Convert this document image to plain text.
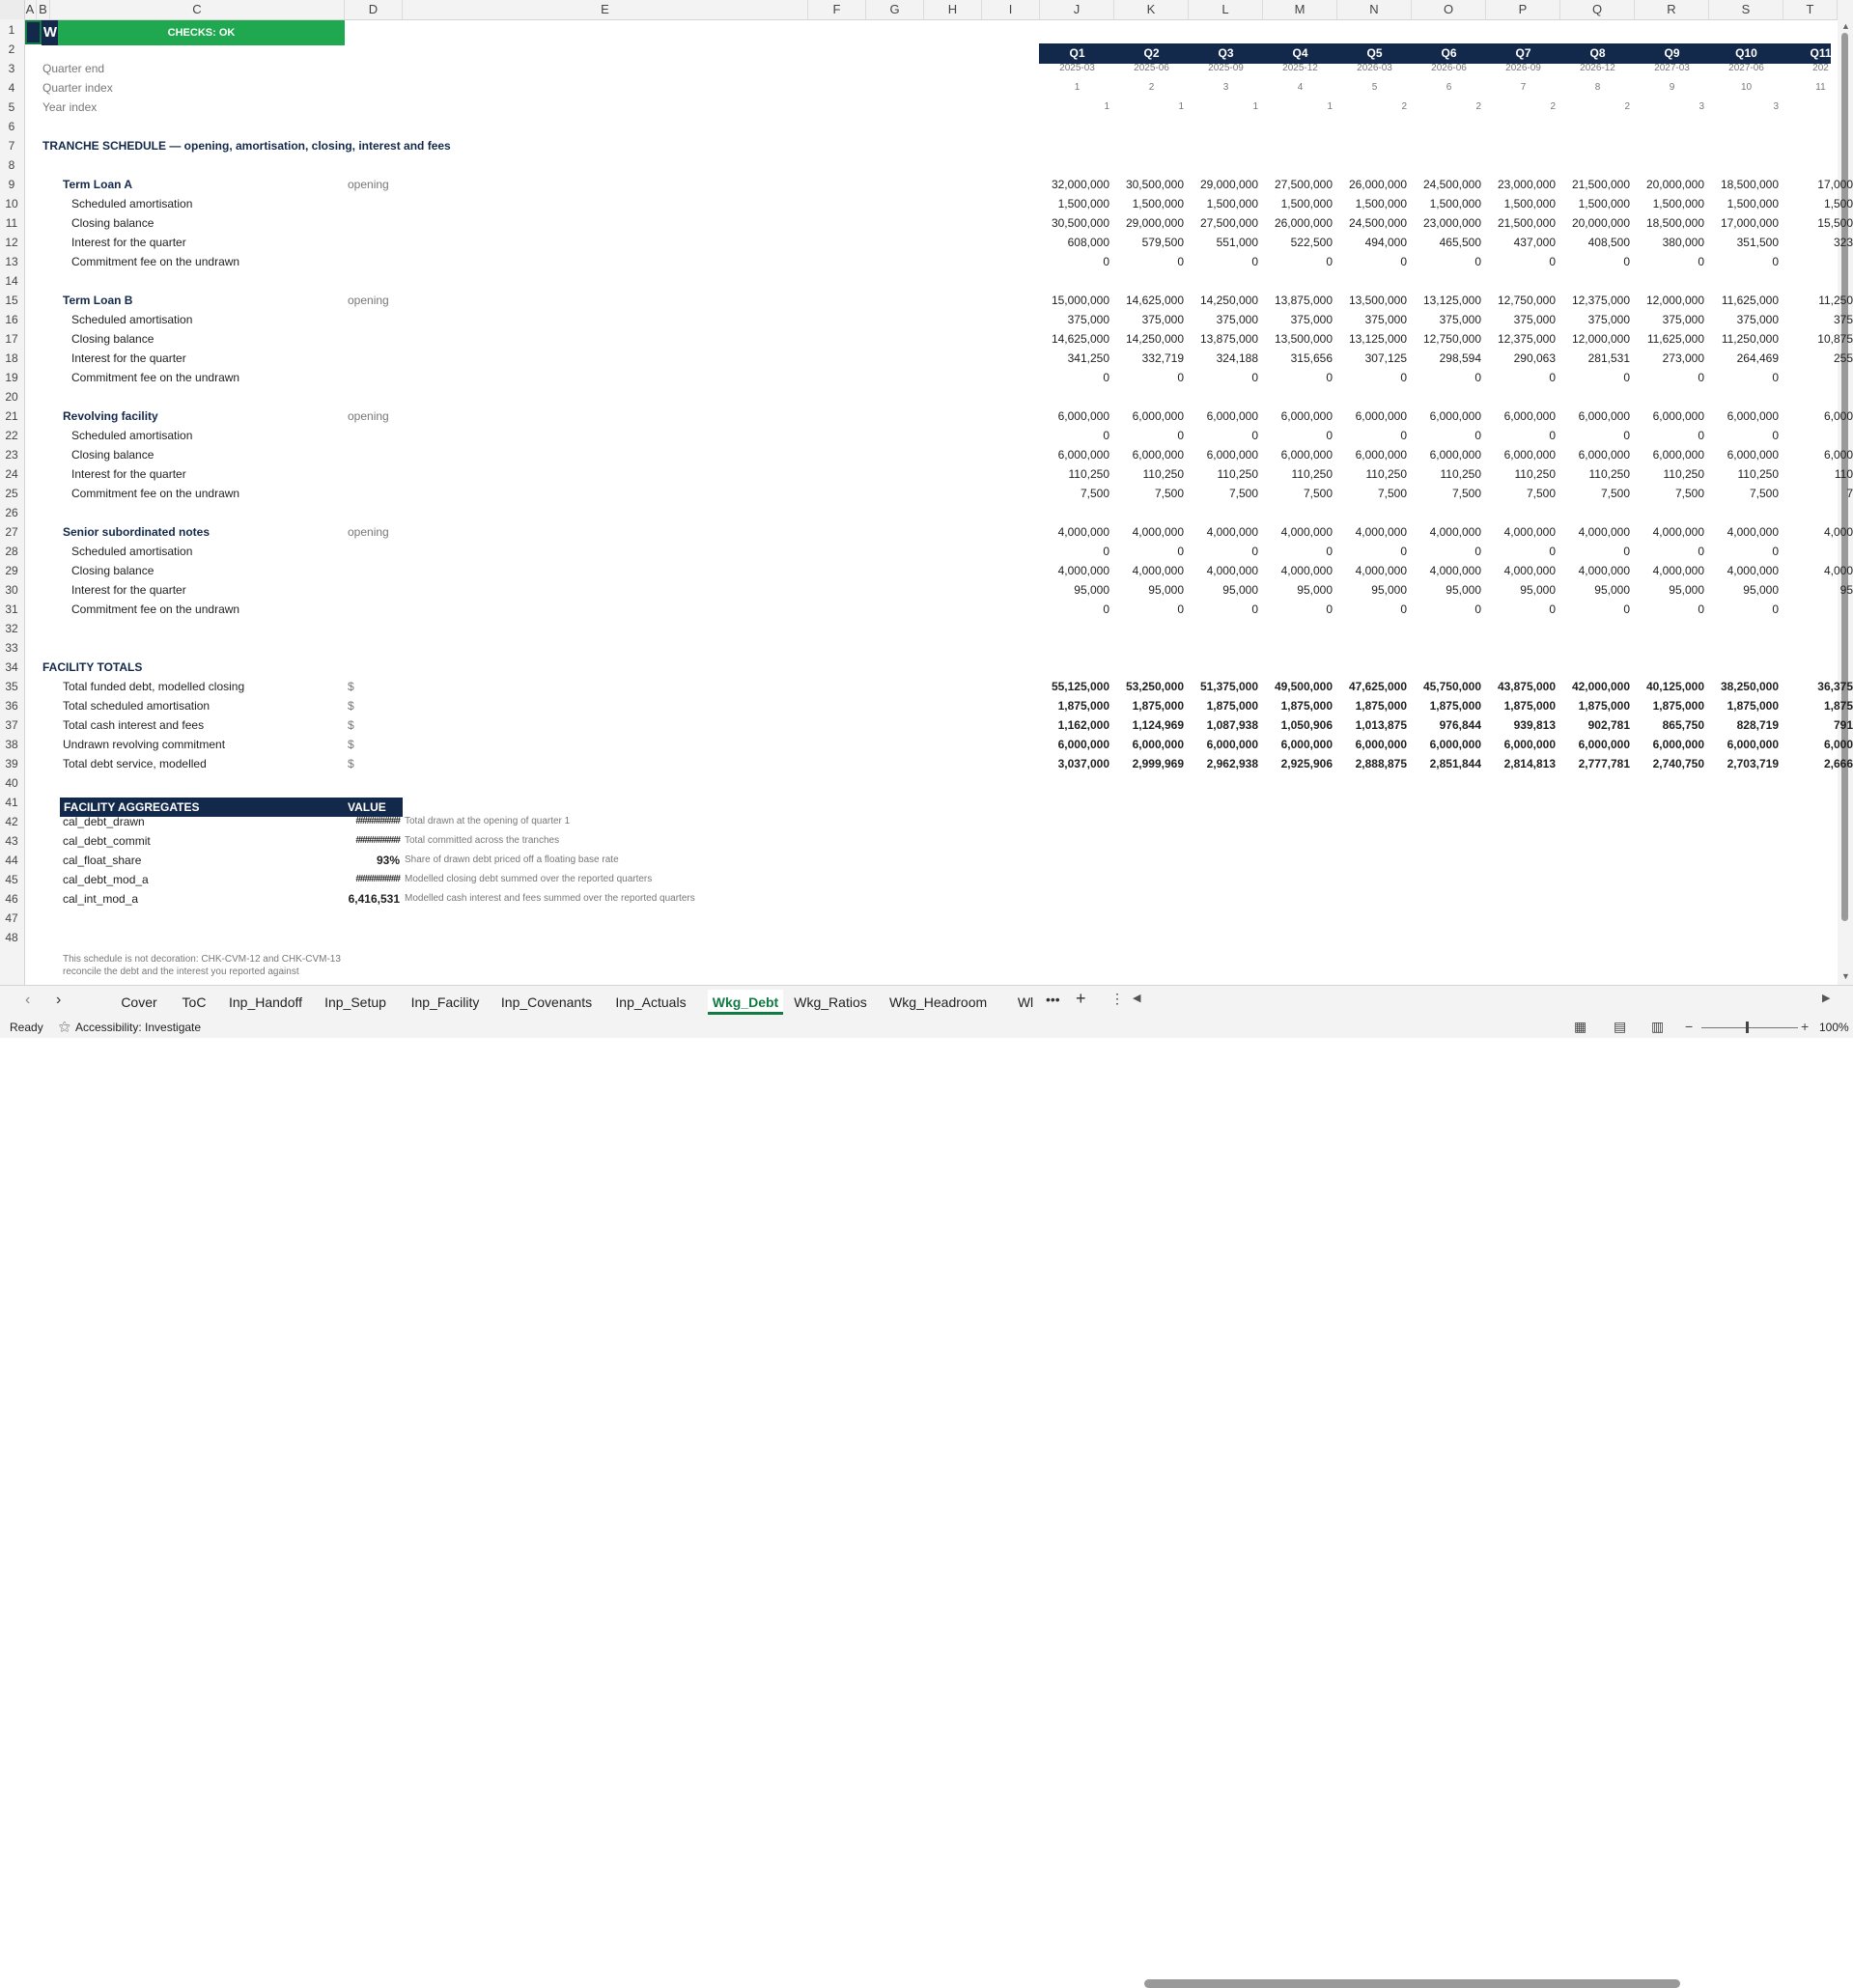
A B	C	D	E	F	G	H	I	J	K	L	M	N	O	P	Q	R	S	T
1
2
3
4
5
6
7
8
9
10
11
12
13
14
15
16
17
18
19
20
21
22
23
24
25
26
27
28
29
30
31
32
33
34
35
36
37
38
39
40
41
42
43
44
45
46
47
48
W	CHECKS: OK
Q1	Q2	Q3	Q4	Q5	Q6	Q7	Q8	Q9	Q10	Q11
FACILITY AGGREGATES	VALUE
▲
▼
‹ ›	Cover	ToC	Inp_Handoff	Inp_Setup	Inp_Facility	Inp_Covenants	Inp_Actuals	Wkg_Debt	Wkg_Ratios Wkg_Headroom Wl ••• + ⋮ ◀	▶
Ready ⚝ Accessibility: Investigate	▦ ▤ ▥ −	+ 100%
Quarter end	2025-03	2025-06	2025-09	2025-12	2026-03	2026-06	2026-09	2026-12	2027-03	2027-06	202
Quarter index	1	2	3	4	5	6	7	8	9	10	11
Year index	1	1	1	1	2	2	2	2	3	3
TRANCHE SCHEDULE — opening, amortisation, closing, interest and fees
Term Loan A	opening	32,000,000	30,500,000	29,000,000	27,500,000	26,000,000	24,500,000	23,000,000	21,500,000	20,000,000	18,500,000	17,000
Scheduled amortisation	1,500,000	1,500,000	1,500,000	1,500,000	1,500,000	1,500,000	1,500,000	1,500,000	1,500,000	1,500,000	1,500
Closing balance	30,500,000	29,000,000	27,500,000	26,000,000	24,500,000	23,000,000	21,500,000	20,000,000	18,500,000	17,000,000	15,500
Interest for the quarter	608,000	579,500	551,000	522,500	494,000	465,500	437,000	408,500	380,000	351,500	323
Commitment fee on the undrawn	0	0	0	0	0	0	0	0	0	0
Term Loan B	opening	15,000,000	14,625,000	14,250,000	13,875,000	13,500,000	13,125,000	12,750,000	12,375,000	12,000,000	11,625,000	11,250
Scheduled amortisation	375,000	375,000	375,000	375,000	375,000	375,000	375,000	375,000	375,000	375,000	375
Closing balance	14,625,000	14,250,000	13,875,000	13,500,000	13,125,000	12,750,000	12,375,000	12,000,000	11,625,000	11,250,000	10,875
Interest for the quarter	341,250	332,719	324,188	315,656	307,125	298,594	290,063	281,531	273,000	264,469	255
Commitment fee on the undrawn	0	0	0	0	0	0	0	0	0	0
Revolving facility	opening	6,000,000	6,000,000	6,000,000	6,000,000	6,000,000	6,000,000	6,000,000	6,000,000	6,000,000	6,000,000	6,000
Scheduled amortisation	0	0	0	0	0	0	0	0	0	0
Closing balance	6,000,000	6,000,000	6,000,000	6,000,000	6,000,000	6,000,000	6,000,000	6,000,000	6,000,000	6,000,000	6,000
Interest for the quarter	110,250	110,250	110,250	110,250	110,250	110,250	110,250	110,250	110,250	110,250	110
Commitment fee on the undrawn	7,500	7,500	7,500	7,500	7,500	7,500	7,500	7,500	7,500	7,500	7
Senior subordinated notes	opening	4,000,000	4,000,000	4,000,000	4,000,000	4,000,000	4,000,000	4,000,000	4,000,000	4,000,000	4,000,000	4,000
Scheduled amortisation	0	0	0	0	0	0	0	0	0	0
Closing balance	4,000,000	4,000,000	4,000,000	4,000,000	4,000,000	4,000,000	4,000,000	4,000,000	4,000,000	4,000,000	4,000
Interest for the quarter	95,000	95,000	95,000	95,000	95,000	95,000	95,000	95,000	95,000	95,000	95
Commitment fee on the undrawn	0	0	0	0	0	0	0	0	0	0
FACILITY TOTALS
Total funded debt, modelled closing	$	55,125,000	53,250,000	51,375,000	49,500,000	47,625,000	45,750,000	43,875,000	42,000,000	40,125,000	38,250,000	36,375
Total scheduled amortisation	$	1,875,000	1,875,000	1,875,000	1,875,000	1,875,000	1,875,000	1,875,000	1,875,000	1,875,000	1,875,000	1,875
Total cash interest and fees	$	1,162,000	1,124,969	1,087,938	1,050,906	1,013,875	976,844	939,813	902,781	865,750	828,719	791
Undrawn revolving commitment	$	6,000,000	6,000,000	6,000,000	6,000,000	6,000,000	6,000,000	6,000,000	6,000,000	6,000,000	6,000,000	6,000
Total debt service, modelled	$	3,037,000	2,999,969	2,962,938	2,925,906	2,888,875	2,851,844	2,814,813	2,777,781	2,740,750	2,703,719	2,666
cal_debt_drawn	########## Total drawn at the opening of quarter 1
cal_debt_commit	########## Total committed across the tranches
cal_float_share	93% Share of drawn debt priced off a floating base rate
cal_debt_mod_a	########## Modelled closing debt summed over the reported quarters
cal_int_mod_a	6,416,531 Modelled cash interest and fees summed over the reported quarters
This schedule is not decoration: CHK-CVM-12 and CHK-CVM-13
reconcile the debt and the interest you reported against
